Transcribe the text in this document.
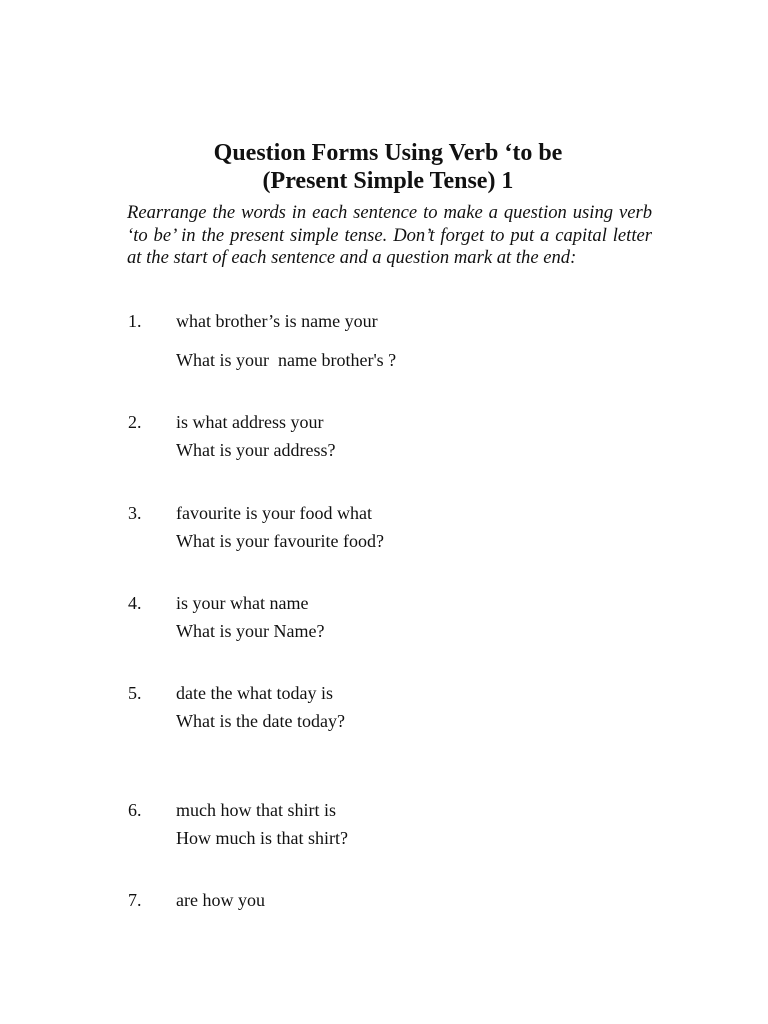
Question Forms Using Verb ‘to be
(Present Simple Tense) 1

Rearrange the words in each sentence to make a question using verb ‘to be’ in the present simple tense. Don’t forget to put a capital letter at the start of each sentence and a question mark at the end:

1. what brother’s is name your
What is your  name brother's ?
2. is what address your
What is your address?
3. favourite is your food what
What is your favourite food?
4. is your what name
What is your Name?
5. date the what today is
What is the date today?
6. much how that shirt is
How much is that shirt?
7. are how you
